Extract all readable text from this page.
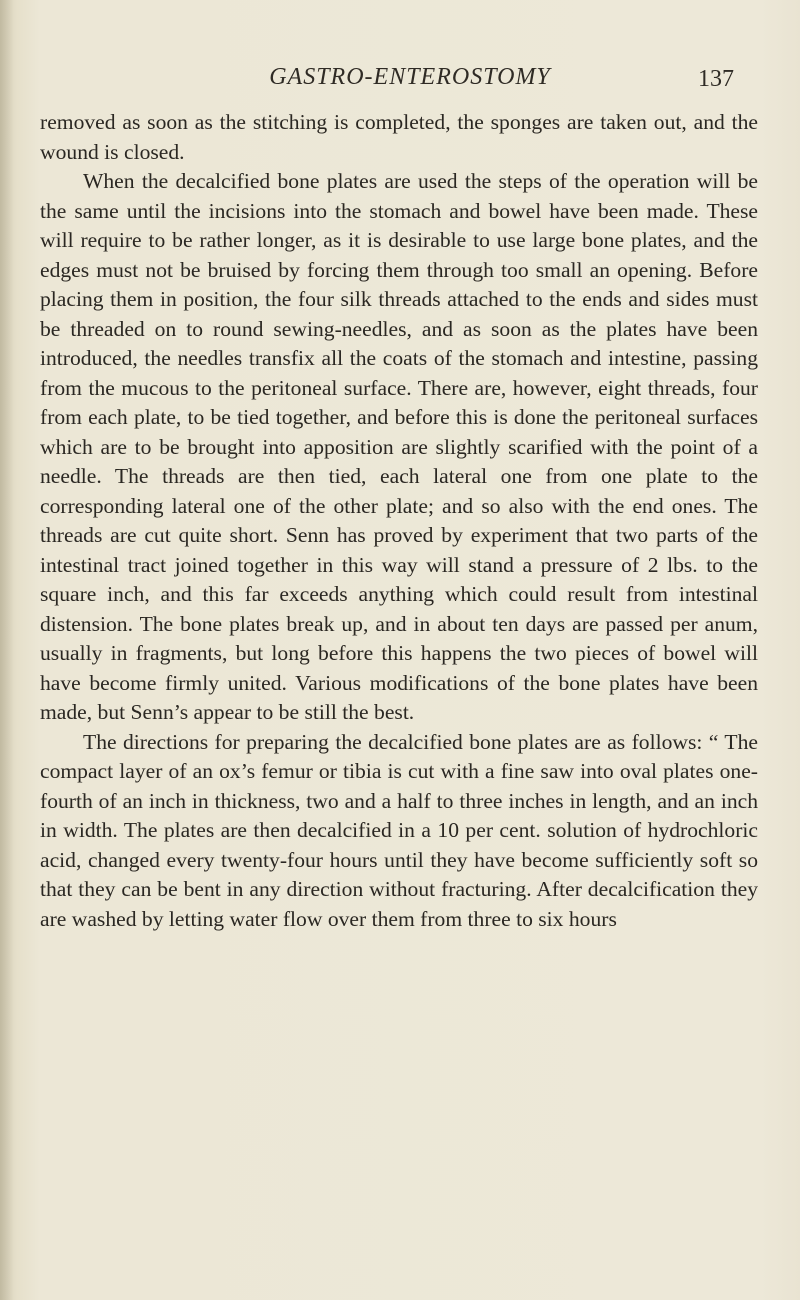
GASTRO-ENTEROSTOMY	137

removed as soon as the stitching is completed, the sponges are taken out, and the wound is closed.

When the decalcified bone plates are used the steps of the operation will be the same until the incisions into the stomach and bowel have been made. These will require to be rather longer, as it is desirable to use large bone plates, and the edges must not be bruised by forcing them through too small an opening. Before placing them in position, the four silk threads attached to the ends and sides must be threaded on to round sewing-needles, and as soon as the plates have been introduced, the needles transfix all the coats of the stomach and intestine, passing from the mucous to the peritoneal surface. There are, however, eight threads, four from each plate, to be tied together, and before this is done the peritoneal surfaces which are to be brought into apposition are slightly scarified with the point of a needle. The threads are then tied, each lateral one from one plate to the corresponding lateral one of the other plate; and so also with the end ones. The threads are cut quite short. Senn has proved by experiment that two parts of the intestinal tract joined together in this way will stand a pressure of 2 lbs. to the square inch, and this far exceeds anything which could result from intestinal distension. The bone plates break up, and in about ten days are passed per anum, usually in fragments, but long before this happens the two pieces of bowel will have become firmly united. Various modifications of the bone plates have been made, but Senn’s appear to be still the best.

The directions for preparing the decalcified bone plates are as follows: “ The compact layer of an ox’s femur or tibia is cut with a fine saw into oval plates one-fourth of an inch in thickness, two and a half to three inches in length, and an inch in width. The plates are then decalcified in a 10 per cent. solution of hydrochloric acid, changed every twenty-four hours until they have become sufficiently soft so that they can be bent in any direction without fracturing. After decalcification they are washed by letting water flow over them from three to six hours
